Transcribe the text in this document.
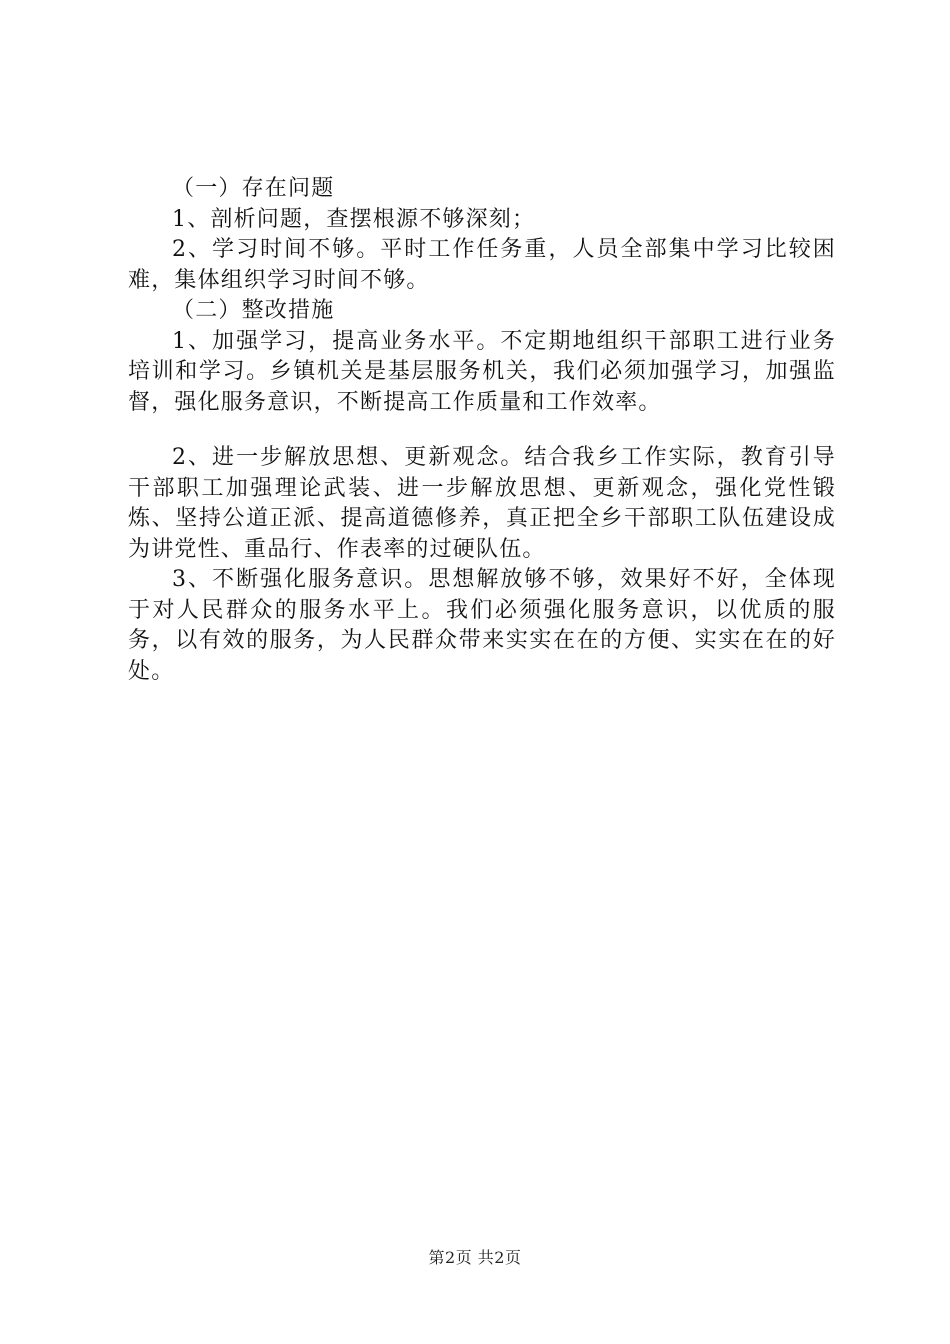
（一）存在问题

1、剖析问题，查摆根源不够深刻；

2、学习时间不够。平时工作任务重，人员全部集中学习比较困难，集体组织学习时间不够。

（二）整改措施

1、加强学习，提高业务水平。不定期地组织干部职工进行业务培训和学习。乡镇机关是基层服务机关，我们必须加强学习，加强监督，强化服务意识，不断提高工作质量和工作效率。

2、进一步解放思想、更新观念。结合我乡工作实际，教育引导干部职工加强理论武装、进一步解放思想、更新观念，强化党性锻炼、坚持公道正派、提高道德修养，真正把全乡干部职工队伍建设成为讲党性、重品行、作表率的过硬队伍。

3、不断强化服务意识。思想解放够不够，效果好不好，全体现于对人民群众的服务水平上。我们必须强化服务意识，以优质的服务，以有效的服务，为人民群众带来实实在在的方便、实实在在的好处。

第2页 共2页
